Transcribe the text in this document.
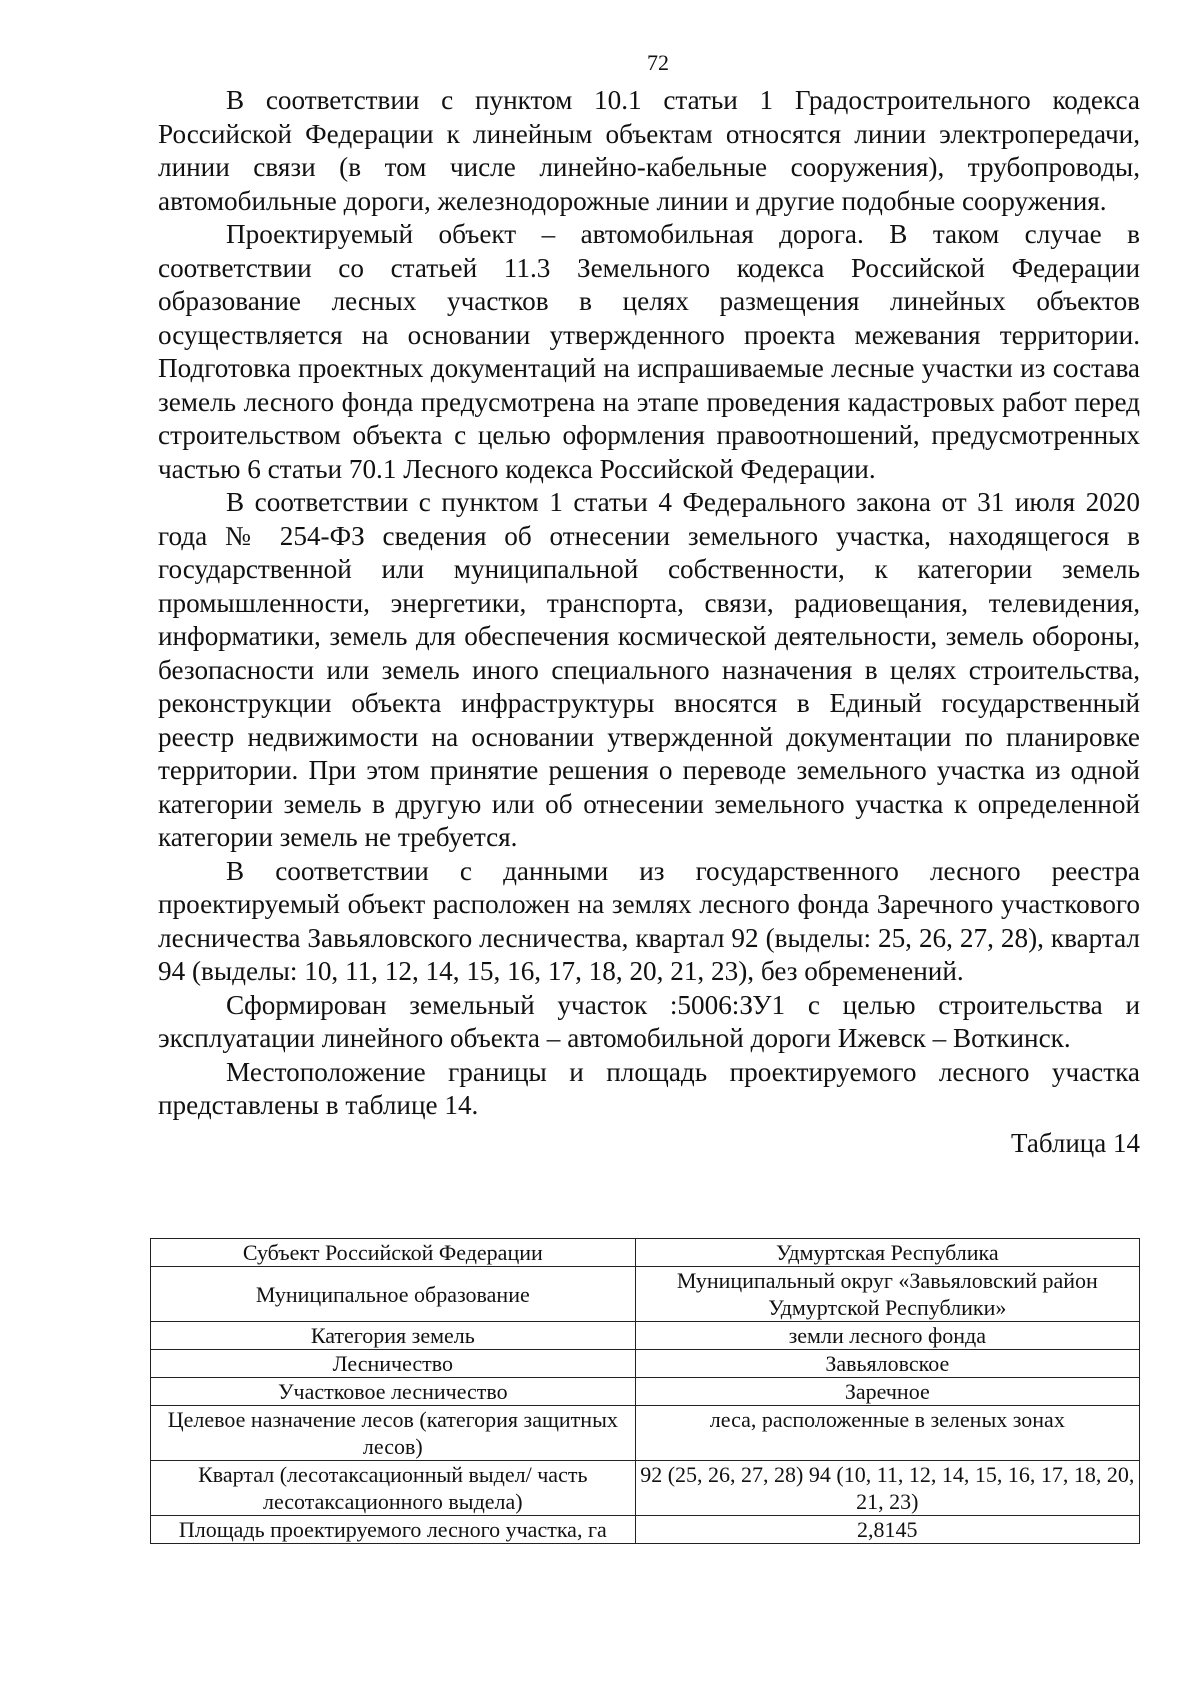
72

В соответствии с пунктом 10.1 статьи 1 Градостроительного кодекса Российской Федерации к линейным объектам относятся линии электропередачи, линии связи (в том числе линейно-кабельные сооружения), трубопроводы, автомобильные дороги, железнодорожные линии и другие подобные сооружения.

Проектируемый объект – автомобильная дорога. В таком случае в соответствии со статьей 11.3 Земельного кодекса Российской Федерации образование лесных участков в целях размещения линейных объектов осуществляется на основании утвержденного проекта межевания территории. Подготовка проектных документаций на испрашиваемые лесные участки из состава земель лесного фонда предусмотрена на этапе проведения кадастровых работ перед строительством объекта с целью оформления правоотношений, предусмотренных частью 6 статьи 70.1 Лесного кодекса Российской Федерации.

В соответствии с пунктом 1 статьи 4 Федерального закона от 31 июля 2020 года № 254-ФЗ сведения об отнесении земельного участка, находящегося в государственной или муниципальной собственности, к категории земель промышленности, энергетики, транспорта, связи, радиовещания, телевидения, информатики, земель для обеспечения космической деятельности, земель обороны, безопасности или земель иного специального назначения в целях строительства, реконструкции объекта инфраструктуры вносятся в Единый государственный реестр недвижимости на основании утвержденной документации по планировке территории. При этом принятие решения о переводе земельного участка из одной категории земель в другую или об отнесении земельного участка к определенной категории земель не требуется.

В соответствии с данными из государственного лесного реестра проектируемый объект расположен на землях лесного фонда Заречного участкового лесничества Завьяловского лесничества, квартал 92 (выделы: 25, 26, 27, 28), квартал 94 (выделы: 10, 11, 12, 14, 15, 16, 17, 18, 20, 21, 23), без обременений.

Сформирован земельный участок :5006:ЗУ1 с целью строительства и эксплуатации линейного объекта – автомобильной дороги Ижевск – Воткинск.

Местоположение границы и площадь проектируемого лесного участка представлены в таблице 14.

Таблица 14
Субъект Российской Федерации	Удмуртская Республика
Муниципальное образование	Муниципальный округ «Завьяловский район Удмуртской Республики»
Категория земель	земли лесного фонда
Лесничество	Завьяловское
Участковое лесничество	Заречное
Целевое назначение лесов (категория защитных лесов)	леса, расположенные в зеленых зонах
Квартал (лесотаксационный выдел/ часть лесотаксационного выдела)	92 (25, 26, 27, 28) 94 (10, 11, 12, 14, 15, 16, 17, 18, 20, 21, 23)
Площадь проектируемого лесного участка, га	2,8145
